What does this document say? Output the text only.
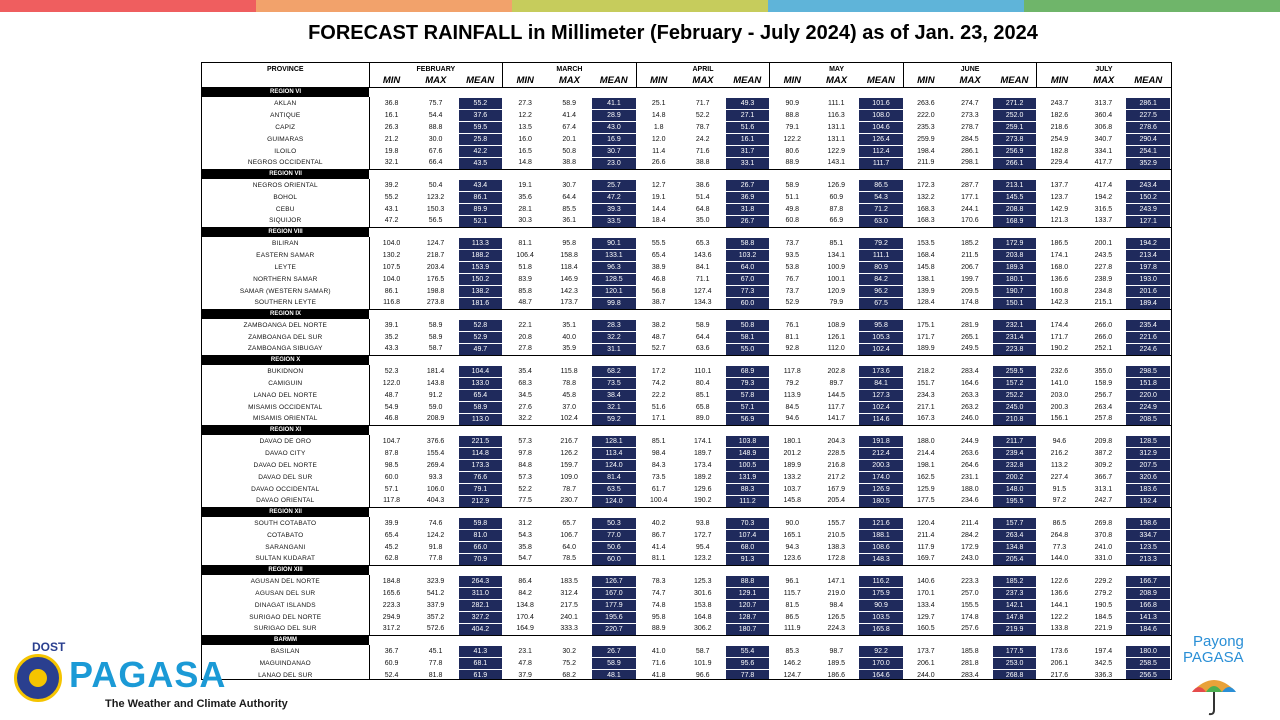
FORECAST RAINFALL in Millimeter (February - July 2024) as of Jan. 23, 2024
PROVINCE	FEBRUARY			MARCH			APRIL			MAY			JUNE			JULY		
	MIN	MAX	MEAN	MIN	MAX	MEAN	MIN	MAX	MEAN	MIN	MAX	MEAN	MIN	MAX	MEAN	MIN	MAX	MEAN
REGION VI																		
AKLAN	36.8	75.7	55.2	27.3	58.9	41.1	25.1	71.7	49.3	90.9	111.1	101.6	263.6	274.7	271.2	243.7	313.7	286.1
ANTIQUE	16.1	54.4	37.6	12.2	41.4	28.9	14.8	52.2	27.1	88.8	116.3	108.0	222.0	273.3	252.0	182.6	360.4	227.5
CAPIZ	26.3	88.8	59.5	13.5	67.4	43.0	1.8	78.7	51.6	79.1	131.1	104.6	235.3	278.7	259.1	218.6	306.8	278.6
GUIMARAS	21.2	30.0	25.8	16.0	20.1	16.9	12.0	24.2	16.1	122.2	131.1	126.4	259.9	284.5	273.8	254.9	340.7	290.4
ILOILO	19.8	67.6	42.2	16.5	50.8	30.7	11.4	71.6	31.7	80.6	122.9	112.4	198.4	286.1	256.9	182.8	334.1	254.1
NEGROS OCCIDENTAL	32.1	66.4	43.5	14.8	38.8	23.0	26.6	38.8	33.1	88.9	143.1	111.7	211.9	298.1	266.1	229.4	417.7	352.9
REGION VII																		
NEGROS ORIENTAL	39.2	50.4	43.4	19.1	30.7	25.7	12.7	38.6	26.7	58.9	126.9	86.5	172.3	287.7	213.1	137.7	417.4	243.4
BOHOL	55.2	123.2	86.1	35.6	64.4	47.2	19.1	51.4	36.9	51.1	60.9	54.3	132.2	177.1	145.5	123.7	194.2	150.2
CEBU	43.1	150.3	89.9	28.1	85.5	39.3	14.4	64.8	31.8	49.8	87.8	71.2	168.3	244.1	208.8	142.9	316.5	243.9
SIQUIJOR	47.2	56.5	52.1	30.3	36.1	33.5	18.4	35.0	26.7	60.8	66.9	63.0	168.3	170.6	168.9	121.3	133.7	127.1
REGION VIII																		
BILIRAN	104.0	124.7	113.3	81.1	95.8	90.1	55.5	65.3	58.8	73.7	85.1	79.2	153.5	185.2	172.9	186.5	200.1	194.2
EASTERN SAMAR	130.2	218.7	188.2	106.4	158.8	133.1	65.4	143.6	103.2	93.5	134.1	111.1	168.4	211.5	203.8	174.1	243.5	213.4
LEYTE	107.5	203.4	153.9	51.8	118.4	96.3	38.9	84.1	64.0	53.8	100.9	80.9	145.8	206.7	189.3	168.0	227.8	197.8
NORTHERN SAMAR	104.0	176.5	150.2	83.9	146.9	128.5	46.8	71.1	67.0	76.7	100.1	84.2	138.1	199.7	180.1	136.6	238.9	193.0
SAMAR (WESTERN SAMAR)	86.1	198.8	138.2	85.8	142.3	120.1	56.8	127.4	77.3	73.7	120.9	96.2	139.9	209.5	190.7	160.8	234.8	201.6
SOUTHERN LEYTE	116.8	273.8	181.6	48.7	173.7	99.8	38.7	134.3	60.0	52.9	79.9	67.5	128.4	174.8	150.1	142.3	215.1	189.4
REGION IX																		
ZAMBOANGA DEL NORTE	39.1	58.9	52.8	22.1	35.1	28.3	38.2	58.9	50.8	76.1	108.9	95.8	175.1	281.9	232.1	174.4	266.0	235.4
ZAMBOANGA DEL SUR	35.2	58.9	52.9	20.8	40.0	32.2	48.7	64.4	58.1	81.1	126.1	105.3	171.7	265.1	231.4	171.7	266.0	221.6
ZAMBOANGA SIBUGAY	43.3	58.7	49.7	27.8	35.9	31.1	52.7	63.6	55.0	92.8	112.0	102.4	189.9	249.5	223.8	190.2	252.1	224.6
REGION X																		
BUKIDNON	52.3	181.4	104.4	35.4	115.8	68.2	17.2	110.1	68.9	117.8	202.8	173.6	218.2	283.4	259.5	232.6	355.0	298.5
CAMIGUIN	122.0	143.8	133.0	68.3	78.8	73.5	74.2	80.4	79.3	79.2	89.7	84.1	151.7	164.6	157.2	141.0	158.9	151.8
LANAO DEL NORTE	48.7	91.2	65.4	34.5	45.8	38.4	22.2	85.1	57.8	113.9	144.5	127.3	234.3	263.3	252.2	203.0	256.7	220.0
MISAMIS OCCIDENTAL	54.9	59.0	58.9	27.6	37.0	32.1	51.6	65.8	57.1	84.5	117.7	102.4	217.1	263.2	245.0	200.3	263.4	224.9
MISAMIS ORIENTAL	46.8	208.9	113.0	32.2	102.4	59.2	17.1	89.0	56.9	94.6	141.7	114.6	167.3	246.0	210.8	156.1	257.8	208.5
REGION XI																		
DAVAO DE ORO	104.7	376.6	221.5	57.3	216.7	128.1	85.1	174.1	103.8	180.1	204.3	191.8	188.0	244.9	211.7	94.6	209.8	128.5
DAVAO CITY	87.8	155.4	114.8	97.8	126.2	113.4	98.4	189.7	148.9	201.2	228.5	212.4	214.4	263.6	239.4	216.2	387.2	312.9
DAVAO DEL NORTE	98.5	269.4	173.3	84.8	159.7	124.0	84.3	173.4	100.5	189.9	216.8	200.3	198.1	264.6	232.8	113.2	309.2	207.5
DAVAO DEL SUR	60.0	93.3	76.6	57.3	109.0	81.4	73.5	189.2	131.9	133.2	217.2	174.0	162.5	231.1	200.2	227.4	366.7	320.6
DAVAO OCCIDENTAL	57.1	106.0	79.1	52.2	78.7	63.5	61.7	129.6	88.3	103.7	167.9	126.9	125.9	188.0	148.0	91.5	313.1	183.6
DAVAO ORIENTAL	117.8	404.3	212.9	77.5	230.7	124.0	100.4	190.2	111.2	145.8	205.4	180.5	177.5	234.6	195.5	97.2	242.7	152.4
REGION XII																		
SOUTH COTABATO	39.9	74.6	59.8	31.2	65.7	50.3	40.2	93.8	70.3	90.0	155.7	121.6	120.4	211.4	157.7	86.5	269.8	158.6
COTABATO	65.4	124.2	81.0	54.3	106.7	77.0	86.7	172.7	107.4	165.1	210.5	188.1	211.4	284.2	263.4	264.8	370.8	334.7
SARANGANI	45.2	91.8	66.0	35.8	64.0	50.6	41.4	95.4	68.0	94.3	138.3	108.6	117.9	172.9	134.8	77.3	241.0	123.5
SULTAN KUDARAT	62.8	77.8	70.9	54.7	78.5	60.0	81.1	123.2	91.3	123.6	172.8	148.3	169.7	243.0	205.4	144.0	331.0	213.3
REGION XIII																		
AGUSAN DEL NORTE	184.8	323.9	264.3	86.4	183.5	126.7	78.3	125.3	88.8	96.1	147.1	116.2	140.6	223.3	185.2	122.6	229.2	166.7
AGUSAN DEL SUR	165.6	541.2	311.0	84.2	312.4	167.0	74.7	301.6	129.1	115.7	219.0	175.9	170.1	257.0	237.3	136.6	279.2	208.9
DINAGAT ISLANDS	223.3	337.9	282.1	134.8	217.5	177.9	74.8	153.8	120.7	81.5	98.4	90.9	133.4	155.5	142.1	144.1	190.5	166.8
SURIGAO DEL NORTE	294.9	357.2	327.2	170.4	240.1	195.6	95.8	164.8	128.7	86.5	126.5	103.5	129.7	174.8	147.8	122.2	184.5	141.3
SURIGAO DEL SUR	317.2	572.6	404.2	164.9	333.3	220.7	88.9	306.2	180.7	111.9	224.3	165.8	160.5	257.6	219.9	133.8	221.9	184.6
BARMM																		
BASILAN	36.7	45.1	41.3	23.1	30.2	26.7	41.0	58.7	55.4	85.3	98.7	92.2	173.7	185.8	177.5	173.6	197.4	180.0
MAGUINDANAO	60.9	77.8	68.1	47.8	75.2	58.9	71.6	101.9	95.6	146.2	189.5	170.0	206.1	281.8	253.0	206.1	342.5	258.5
LANAO DEL SUR	52.4	81.8	61.9	37.9	68.2	48.1	41.8	96.6	77.8	124.7	186.6	164.6	244.0	283.4	268.8	217.6	336.3	256.5

DOST
PAGASA
The Weather and Climate Authority
Payong
PAGASA
